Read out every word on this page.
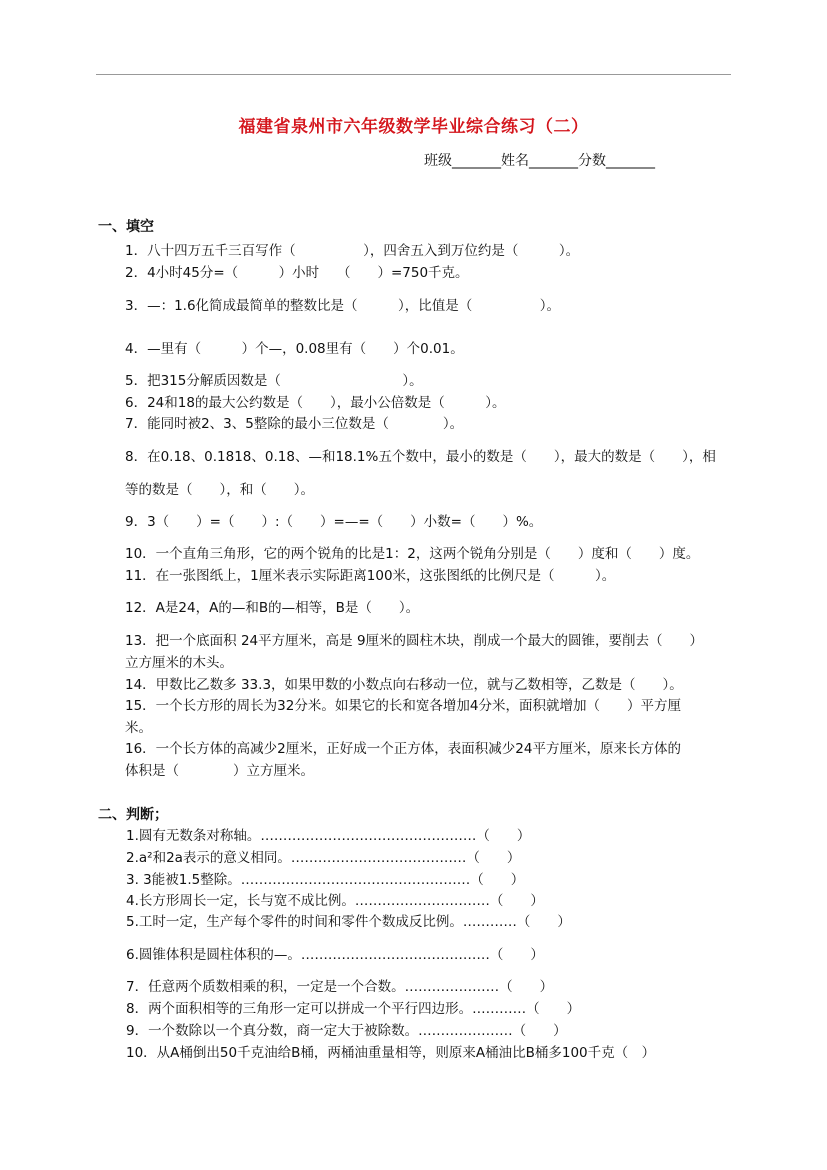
福建省泉州市六年级数学毕业综合练习（二）
班级_______姓名_______分数_______
一、填空
1．八十四万五千三百写作（　　　　　），四舍五入到万位约是（　　　）。
2．4小时45分=（　　　）小时　 （　　）=750千克。
3．—：1.6化简成最简单的整数比是（　　　），比值是（　　　　　）。
4．—里有（　　　）个—，0.08里有（　　）个0.01。
5．把315分解质因数是（　　　　　　　　　）。
6．24和18的最大公约数是（　　），最小公倍数是（　　　）。
7．能同时被2、3、5整除的最小三位数是（　　　　）。
8．在0.18、0.1818、0.18、—和18.1%五个数中，最小的数是（　　），最大的数是（　　），相
等的数是（　　），和（　　）。
9．3（　　）=（　　）:（　　）=—=（　　）小数=（　　）%。
10．一个直角三角形，它的两个锐角的比是1：2，这两个锐角分别是（　　）度和（　　）度。
11．在一张图纸上，1厘米表示实际距离100米，这张图纸的比例尺是（　　　）。
12．A是24，A的—和B的—相等，B是（　　）。
13．把一个底面积 24平方厘米，高是 9厘米的圆柱木块，削成一个最大的圆锥，要削去（　　）
立方厘米的木头。
14．甲数比乙数多 33.3，如果甲数的小数点向右移动一位，就与乙数相等，乙数是（　　）。
15．一个长方形的周长为32分米。如果它的长和宽各增加4分米，面积就增加（　　）平方厘
米。
16．一个长方体的高减少2厘米，正好成一个正方体，表面积减少24平方厘米，原来长方体的
体积是（　　　　）立方厘米。
二、判断；
1.圆有无数条对称轴。…………………………………………（　　）
2.a²和2a表示的意义相同。…………………………………（　　）
3. 3能被1.5整除。……………………………………………（　　）
4.长方形周长一定，长与宽不成比例。…………………………（　　）
5.工时一定，生产每个零件的时间和零件个数成反比例。…………（　　）
6.圆锥体积是圆柱体积的—。……………………………………（　　）
7．任意两个质数相乘的积，一定是一个合数。…………………（　　）
8．两个面积相等的三角形一定可以拼成一个平行四边形。…………（　　）
9．一个数除以一个真分数，商一定大于被除数。…………………（　　）
10．从A桶倒出50千克油给B桶，两桶油重量相等，则原来A桶油比B桶多100千克（　）
